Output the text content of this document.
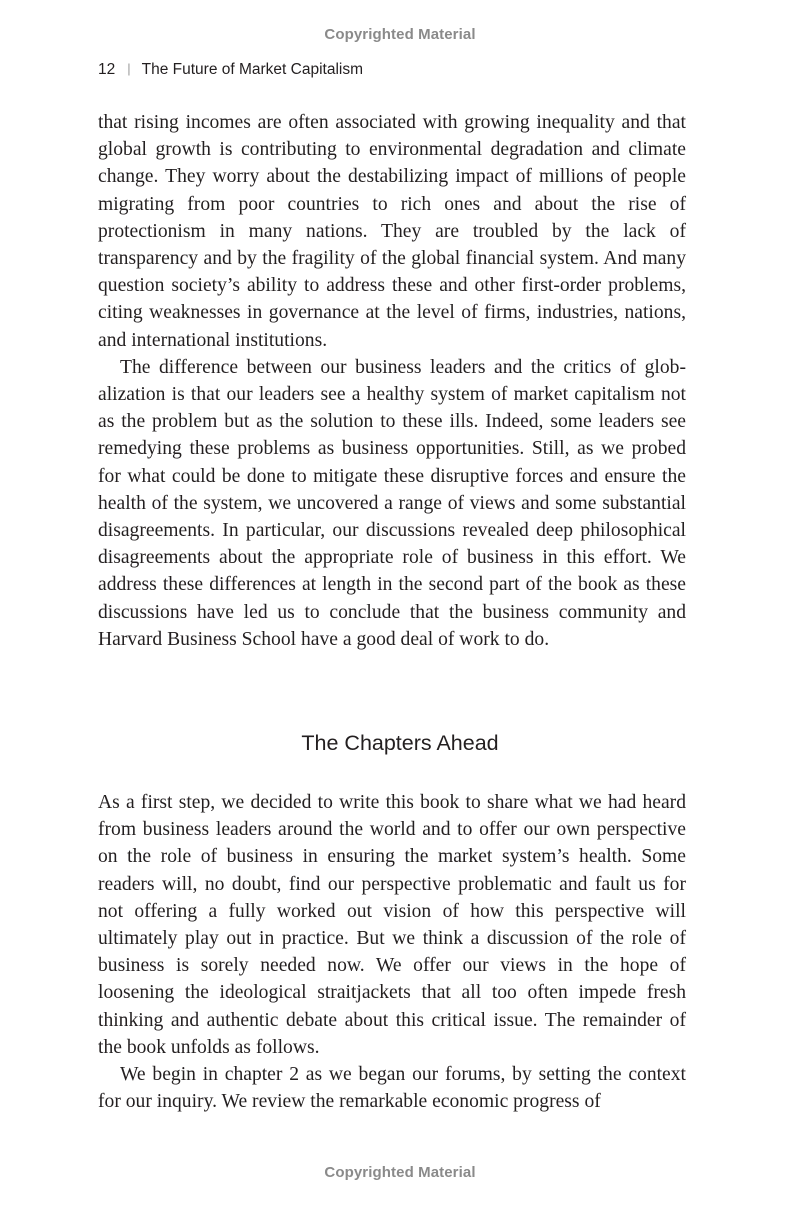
Copyrighted Material
12 | The Future of Market Capitalism

that rising incomes are often associated with growing inequality and that global growth is contributing to environmental degradation and climate change. They worry about the destabilizing impact of millions of people migrating from poor countries to rich ones and about the rise of protectionism in many nations. They are troubled by the lack of transparency and by the fragility of the global financial system. And many question society’s ability to address these and other first-order problems, citing weaknesses in governance at the level of firms, industries, nations, and international institutions.

The difference between our business leaders and the critics of globalization is that our leaders see a healthy system of market capitalism not as the problem but as the solution to these ills. Indeed, some leaders see remedying these problems as business opportunities. Still, as we probed for what could be done to mitigate these disruptive forces and ensure the health of the system, we uncovered a range of views and some substantial disagreements. In particular, our discussions revealed deep philosophical disagreements about the appropriate role of business in this effort. We address these differences at length in the second part of the book as these discussions have led us to conclude that the business community and Harvard Business School have a good deal of work to do.

The Chapters Ahead

As a first step, we decided to write this book to share what we had heard from business leaders around the world and to offer our own perspective on the role of business in ensuring the market system’s health. Some readers will, no doubt, find our perspective problematic and fault us for not offering a fully worked out vision of how this perspective will ultimately play out in practice. But we think a discussion of the role of business is sorely needed now. We offer our views in the hope of loosening the ideological straitjackets that all too often impede fresh thinking and authentic debate about this critical issue. The remainder of the book unfolds as follows.

We begin in chapter 2 as we began our forums, by setting the context for our inquiry. We review the remarkable economic progress of

Copyrighted Material
